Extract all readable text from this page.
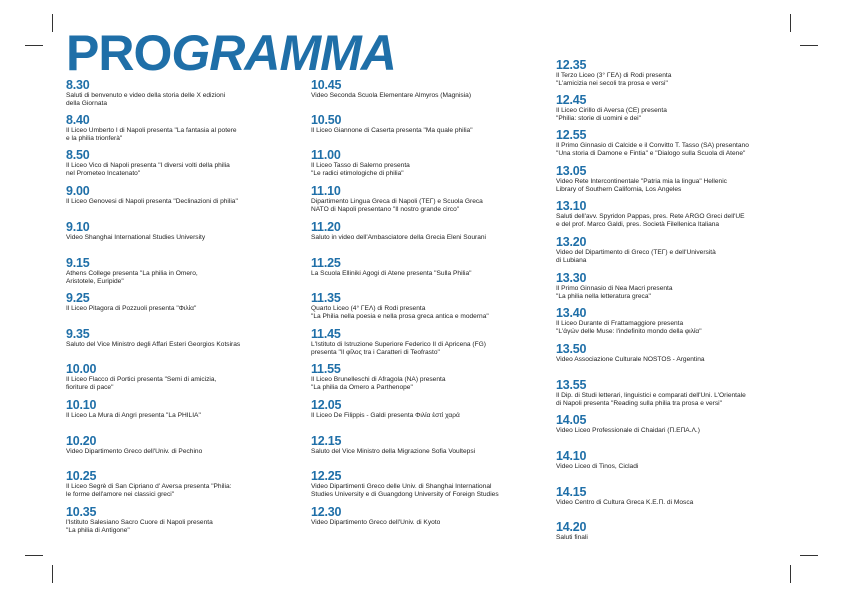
PROGRAMMA
8.30
Saluti di benvenuto e video della storia delle X edizioni
della Giornata
8.40
Il Liceo Umberto I di Napoli presenta "La fantasia al potere
e la philia trionferà"
8.50
Il Liceo Vico di Napoli presenta "I diversi volti della philia
nel Prometeo Incatenato"
9.00
Il Liceo Genovesi di Napoli presenta "Declinazioni di philia"
9.10
Video Shanghai International Studies University
9.15
Athens College presenta "La philia in Omero,
Aristotele, Euripide"
9.25
Il Liceo Pitagora di Pozzuoli presenta "Φιλία"
9.35
Saluto del Vice Ministro degli Affari Esteri Georgios Kotsiras
10.00
Il Liceo Flacco di Portici presenta "Semi di amicizia,
fioriture di pace"
10.10
Il Liceo La Mura di Angri presenta "La PHILIA"
10.20
Video Dipartimento Greco dell'Univ. di Pechino
10.25
Il Liceo Segrè di San Cipriano d' Aversa presenta "Philia:
le forme dell'amore nei classici greci"
10.35
l'Istituto Salesiano Sacro Cuore di Napoli presenta
"La philia di Antigone"
10.45
Video Seconda Scuola Elementare Almyros (Magnisia)
10.50
Il Liceo Giannone di Caserta presenta "Ma quale philia"
11.00
Il Liceo Tasso di Salerno presenta
"Le radici etimologiche di philia"
11.10
Dipartimento Lingua Greca di Napoli (ΤΕΓ) e Scuola Greca
NATO di Napoli presentano "Il nostro grande circo"
11.20
Saluto in video dell'Ambasciatore della Grecia Eleni Sourani
11.25
La Scuola Elliniki Agogi di Atene presenta "Sulla Philia"
11.35
Quarto Liceo (4° ΓΕΛ) di Rodi presenta
"La Philia nella poesia e nella prosa greca antica e moderna"
11.45
L'Istituto di Istruzione Superiore Federico II di Apricena (FG)
presenta "Il φίλος tra i Caratteri di Teofrasto"
11.55
Il Liceo Brunelleschi di Afragola (NA) presenta
"La philia da Omero a Parthenope"
12.05
Il Liceo De Filippis - Galdi presenta Φιλία ἐστὶ χαρά
12.15
Saluto del Vice Ministro della Migrazione Sofia Voultepsi
12.25
Video Dipartimenti Greco delle Univ. di Shanghai International
Studies University e di Guangdong University of Foreign Studies
12.30
Video Dipartimento Greco dell'Univ. di Kyoto
12.35
Il Terzo Liceo (3° ΓΕΛ) di Rodi presenta
"L'amicizia nei secoli tra prosa e versi"
12.45
Il Liceo Cirillo di Aversa (CE) presenta
"Philia: storie di uomini e dei"
12.55
Il Primo Ginnasio di Calcide e il Convitto T. Tasso (SA) presentano
"Una storia di Damone e Fintia" e "Dialogo sulla Scuola di Atene"
13.05
Video Rete Intercontinentale "Patria mia la lingua" Hellenic
Library of Southern California, Los Angeles
13.10
Saluti dell'avv. Spyridon Pappas, pres. Rete ARGO Greci dell'UE
e del prof. Marco Galdi, pres. Società Filellenica Italiana
13.20
Video del Dipartimento di Greco (ΤΕΓ) e dell'Università
di Lubiana
13.30
Il Primo Ginnasio di Nea Macri presenta
"La philia nella letteratura greca"
13.40
Il Liceo Durante di Frattamaggiore presenta
"L'ἀγών delle Muse: l'indefinito mondo della φιλία"
13.50
Video Associazione Culturale NOSTOS - Argentina
13.55
Il Dip. di Studi letterari, linguistici e comparati dell'Uni. L'Orientale
di Napoli presenta "Reading sulla philia tra prosa e versi"
14.05
Video Liceo Professionale di Chaidari (Π.ΕΠΑ.Λ.)
14.10
Video Liceo di Tinos, Cicladi
14.15
Video Centro di Cultura Greca K.E.Π. di Mosca
14.20
Saluti finali
